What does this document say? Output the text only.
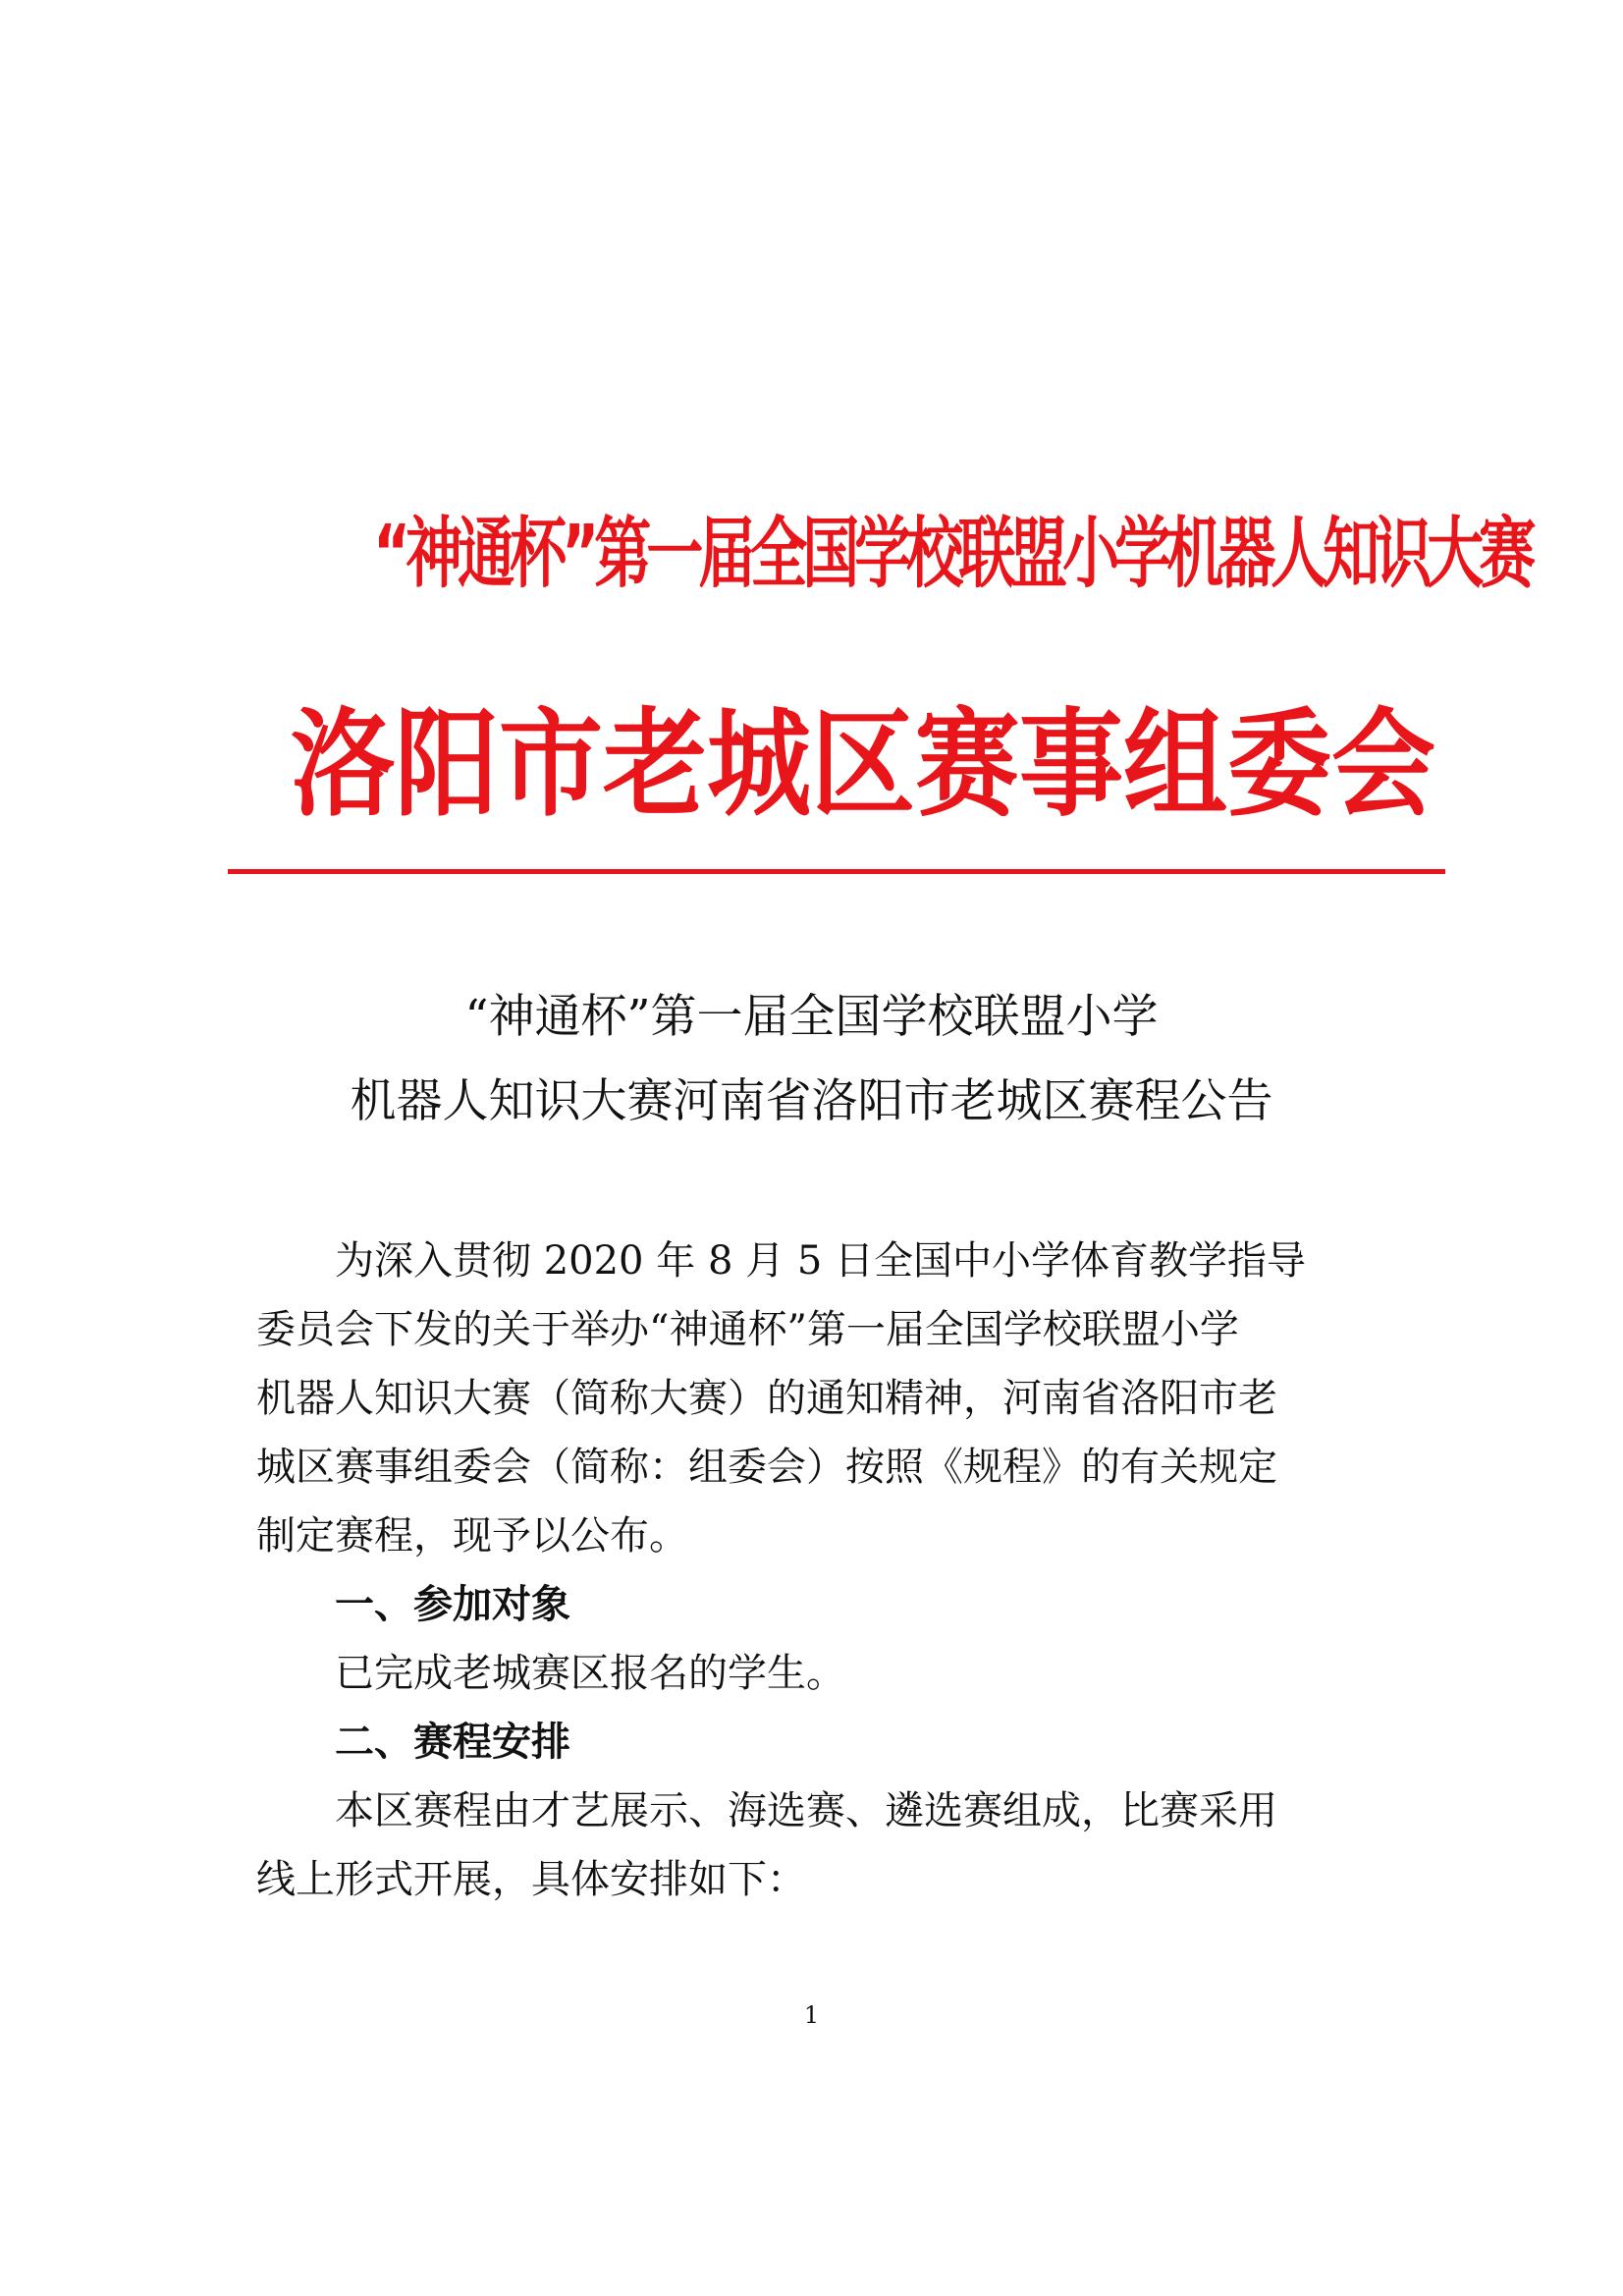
“神通杯”第一届全国学校联盟小学机器人知识大赛
洛阳市老城区赛事组委会
“神通杯”第一届全国学校联盟小学
机器人知识大赛河南省洛阳市老城区赛程公告
为深入贯彻 2020 年 8 月 5 日全国中小学体育教学指导
委员会下发的关于举办“神通杯”第一届全国学校联盟小学
机器人知识大赛（简称大赛）的通知精神，河南省洛阳市老
城区赛事组委会（简称：组委会）按照《规程》的有关规定
制定赛程，现予以公布。
一、参加对象
已完成老城赛区报名的学生。
二、赛程安排
本区赛程由才艺展示、海选赛、遴选赛组成，比赛采用
线上形式开展，具体安排如下：
1
